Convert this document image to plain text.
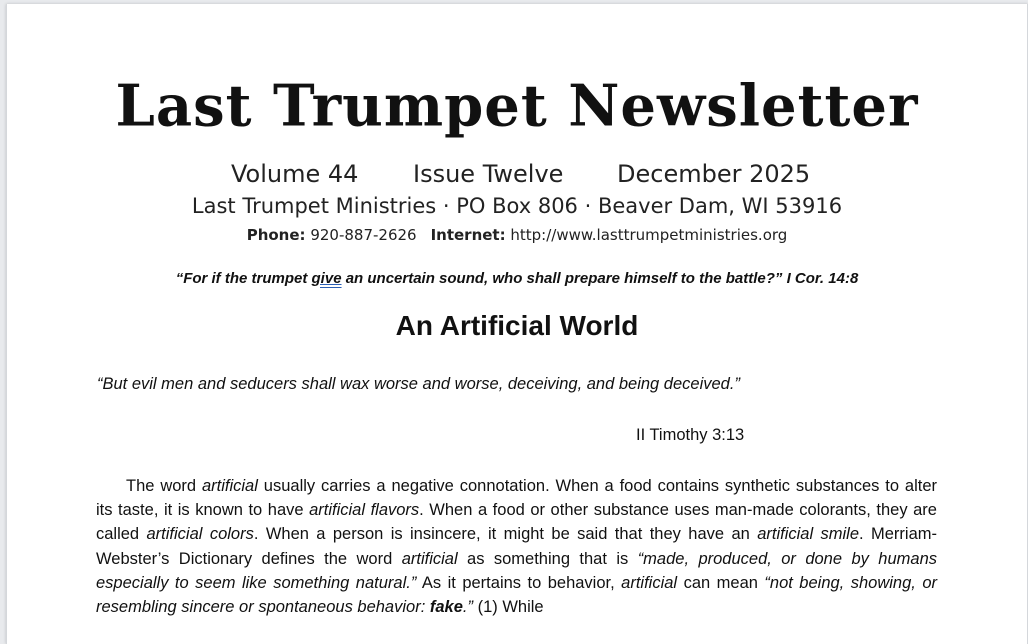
Last Trumpet Newsletter
Volume 44 Issue Twelve December 2025
Last Trumpet Ministries · PO Box 806 · Beaver Dam, WI 53916
Phone: 920-887-2626 Internet: http://www.lasttrumpetministries.org
“For if the trumpet give an uncertain sound, who shall prepare himself to the battle?” I Cor. 14:8
An Artificial World
“But evil men and seducers shall wax worse and worse, deceiving, and being deceived.”
II Timothy 3:13

The word artificial usually carries a negative connotation. When a food contains synthetic substances to alter its taste, it is known to have artificial flavors. When a food or other substance uses man-made colorants, they are called artificial colors. When a person is insincere, it might be said that they have an artificial smile. Merriam-Webster’s Dictionary defines the word artificial as something that is “made, produced, or done by humans especially to seem like something natural.” As it pertains to behavior, artificial can mean “not being, showing, or resembling sincere or spontaneous behavior: fake.” (1) While
